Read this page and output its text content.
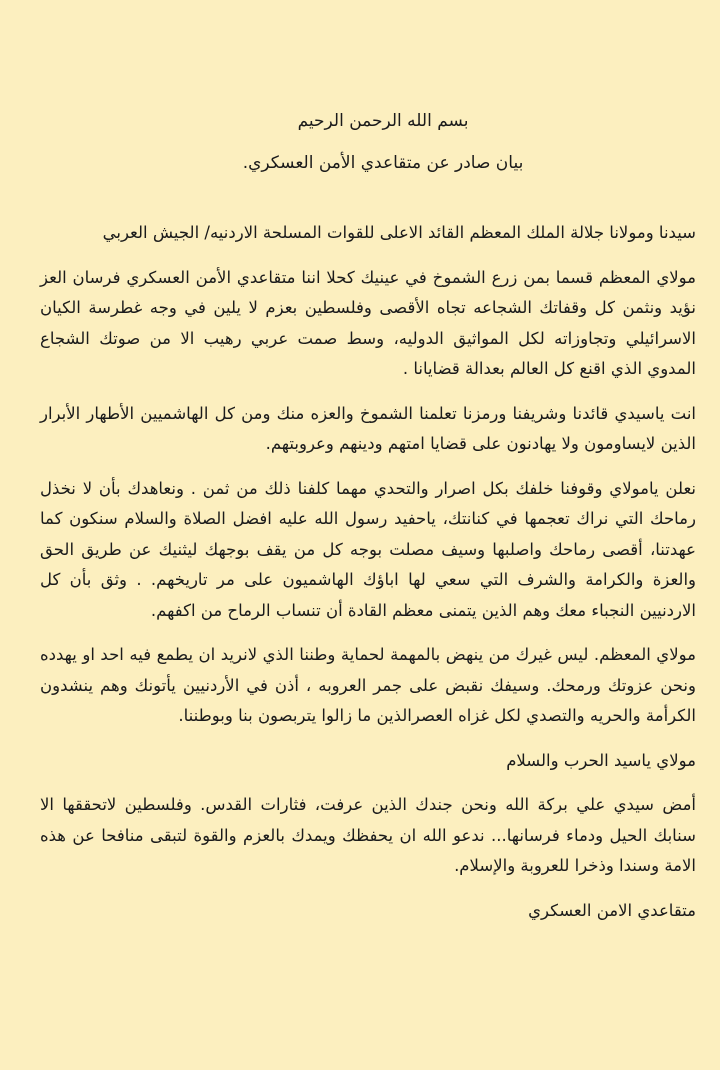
بسم الله الرحمن الرحيم

بيان صادر عن متقاعدي الأمن العسكري.

سيدنا ومولانا جلالة الملك المعظم القائد الاعلى للقوات المسلحة الاردنيه/ الجيش العربي

مولاي المعظم قسما بمن زرع الشموخ في عينيك كحلا اننا متقاعدي الأمن العسكري فرسان العز نؤيد ونثمن كل وقفاتك الشجاعه تجاه الأقصى وفلسطين بعزم لا يلين في وجه غطرسة الكيان الاسرائيلي وتجاوزاته لكل المواثيق الدوليه، وسط صمت عربي رهيب الا من صوتك الشجاع المدوي الذي اقنع كل العالم بعدالة قضايانا .

انت ياسيدي قائدنا وشريفنا ورمزنا تعلمنا الشموخ والعزه منك ومن كل الهاشميين الأطهار الأبرار الذين لايساومون ولا يهادنون على قضايا امتهم ودينهم وعروبتهم.

نعلن يامولاي وقوفنا خلفك بكل اصرار والتحدي مهما كلفنا ذلك من ثمن . ونعاهدك بأن لا نخذل رماحك التي نراك تعجمها في كنانتك، ياحفيد رسول الله عليه افضل الصلاة والسلام سنكون كما عهدتنا، أقصى رماحك واصلبها وسيف مصلت بوجه كل من يقف بوجهك ليثنيك عن طريق الحق والعزة والكرامة والشرف التي سعي لها اباؤك الهاشميون على مر تاريخهم. . وثق بأن كل الاردنيين النجباء معك وهم الذين يتمنى معظم القادة أن تنساب الرماح من اكفهم.

مولاي المعظم. ليس غيرك من ينهض بالمهمة لحماية وطننا الذي لانريد ان يطمع فيه احد او يهدده ونحن عزوتك ورمحك. وسيفك نقبض على جمر العروبه ، أذن في الأردنيين يأتونك وهم ينشدون الكرأمة والحريه والتصدي لكل غزاه العصرالذين ما زالوا يتربصون بنا وبوطننا.

مولاي ياسيد الحرب والسلام

أمض سيدي علي بركة الله ونحن جندك الذين عرفت، فثارات القدس. وفلسطين لاتحققها الا سنابك الحيل ودماء فرسانها... ندعو الله ان يحفظك ويمدك بالعزم والقوة لتبقى منافحا عن هذه الامة وسندا وذخرا للعروبة والإسلام.

متقاعدي الامن العسكري
